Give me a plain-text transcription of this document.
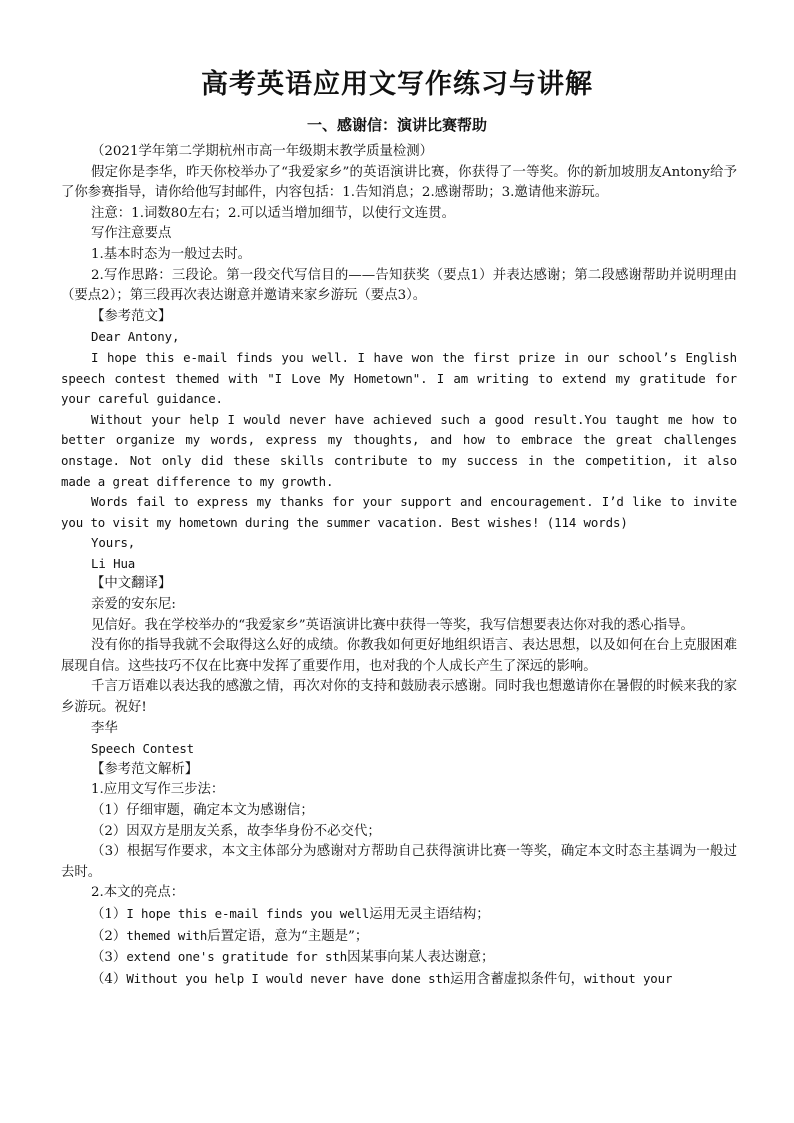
高考英语应用文写作练习与讲解
一、感谢信：演讲比赛帮助

（2021学年第二学期杭州市高一年级期末教学质量检测）

假定你是李华，昨天你校举办了“我爱家乡”的英语演讲比赛，你获得了一等奖。你的新加坡朋友Antony给予了你参赛指导，请你给他写封邮件，内容包括：1.告知消息；2.感谢帮助；3.邀请他来游玩。

注意：1.词数80左右；2.可以适当增加细节，以使行文连贯。

写作注意要点

1.基本时态为一般过去时。

2.写作思路：三段论。第一段交代写信目的——告知获奖（要点1）并表达感谢；第二段感谢帮助并说明理由（要点2）；第三段再次表达谢意并邀请来家乡游玩（要点3）。

【参考范文】

Dear Antony,

I hope this e-mail finds you well. I have won the first prize in our school’s English speech contest themed with "I Love My Hometown". I am writing to extend my gratitude for your careful guidance.

Without your help I would never have achieved such a good result.You taught me how to better organize my words, express my thoughts, and how to embrace the great challenges onstage. Not only did these skills contribute to my success in the competition, it also made a great difference to my growth.

Words fail to express my thanks for your support and encouragement. I’d like to invite you to visit my hometown during the summer vacation. Best wishes! (114 words)

Yours,

Li Hua

【中文翻译】

亲爱的安东尼:

见信好。我在学校举办的“我爱家乡”英语演讲比赛中获得一等奖，我写信想要表达你对我的悉心指导。

没有你的指导我就不会取得这么好的成绩。你教我如何更好地组织语言、表达思想，以及如何在台上克服困难展现自信。这些技巧不仅在比赛中发挥了重要作用，也对我的个人成长产生了深远的影响。

千言万语难以表达我的感激之情，再次对你的支持和鼓励表示感谢。同时我也想邀请你在暑假的时候来我的家乡游玩。祝好!

李华

Speech Contest

【参考范文解析】

1.应用文写作三步法：

（1）仔细审题，确定本文为感谢信；

（2）因双方是朋友关系，故李华身份不必交代；

（3）根据写作要求，本文主体部分为感谢对方帮助自己获得演讲比赛一等奖，确定本文时态主基调为一般过去时。

2.本文的亮点：

（1）I hope this e-mail finds you well运用无灵主语结构；

（2）themed with后置定语，意为“主题是”；

（3）extend one's gratitude for sth因某事向某人表达谢意；

（4）Without you help I would never have done sth运用含蓄虚拟条件句，without your
